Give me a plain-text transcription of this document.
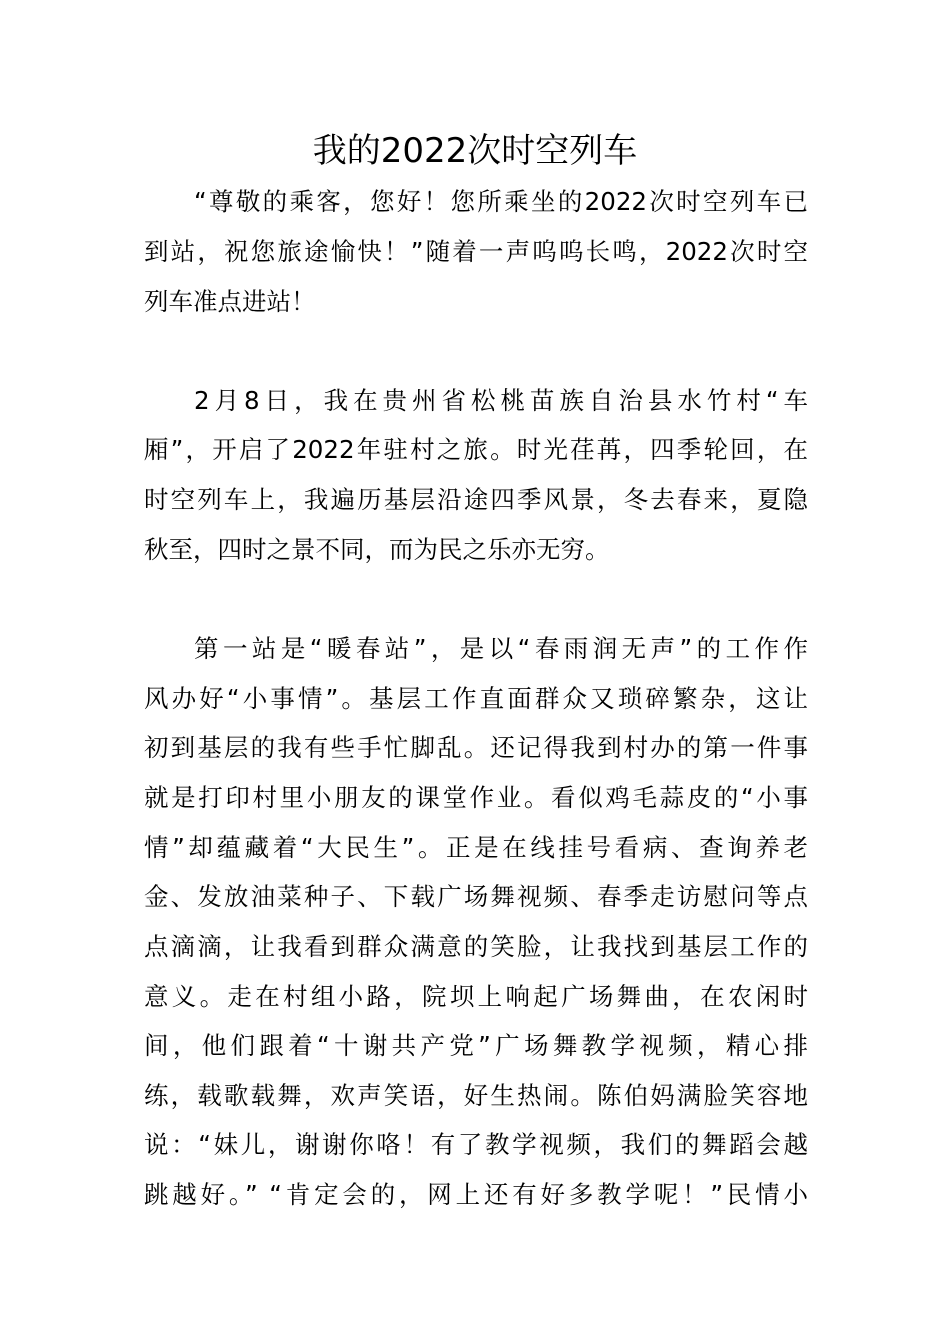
我的2022次时空列车

“尊敬的乘客，您好！您所乘坐的2022次时空列车已

到站，祝您旅途愉快！”随着一声呜呜长鸣，2022次时空

列车准点进站！

2月8日，我在贵州省松桃苗族自治县水竹村“车

厢”，开启了2022年驻村之旅。时光荏苒，四季轮回，在

时空列车上，我遍历基层沿途四季风景，冬去春来，夏隐

秋至，四时之景不同，而为民之乐亦无穷。

第一站是“暖春站”，是以“春雨润无声”的工作作

风办好“小事情”。基层工作直面群众又琐碎繁杂，这让

初到基层的我有些手忙脚乱。还记得我到村办的第一件事

就是打印村里小朋友的课堂作业。看似鸡毛蒜皮的“小事

情”却蕴藏着“大民生”。正是在线挂号看病、查询养老

金、发放油菜种子、下载广场舞视频、春季走访慰问等点

点滴滴，让我看到群众满意的笑脸，让我找到基层工作的

意义。走在村组小路，院坝上响起广场舞曲，在农闲时

间，他们跟着“十谢共产党”广场舞教学视频，精心排

练，载歌载舞，欢声笑语，好生热闹。陈伯妈满脸笑容地

说：“妹儿，谢谢你咯！有了教学视频，我们的舞蹈会越

跳越好。” “肯定会的，网上还有好多教学呢！”民情小
